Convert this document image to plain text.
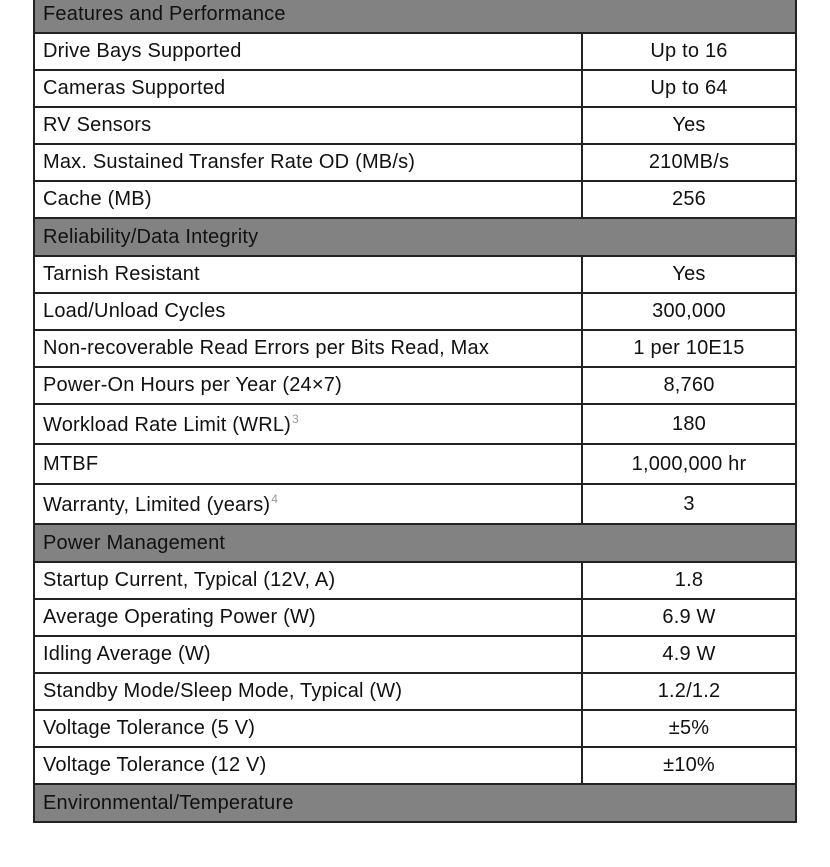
Features and Performance	
Drive Bays Supported	Up to 16
Cameras Supported	Up to 64
RV Sensors	Yes
Max. Sustained Transfer Rate OD (MB/s)	210MB/s
Cache (MB)	256
Reliability/Data Integrity	
Tarnish Resistant	Yes
Load/Unload Cycles	300,000
Non-recoverable Read Errors per Bits Read, Max	1 per 10E15
Power-On Hours per Year (24×7)	8,760
Workload Rate Limit (WRL)$^3$	180
MTBF	1,000,000 hr
Warranty, Limited (years)$^4$	3
Power Management	
Startup Current, Typical (12V, A)	1.8
Average Operating Power (W)	6.9 W
Idling Average (W)	4.9 W
Standby Mode/Sleep Mode, Typical (W)	1.2/1.2
Voltage Tolerance (5 V)	±5%
Voltage Tolerance (12 V)	±10%
Environmental/Temperature	
